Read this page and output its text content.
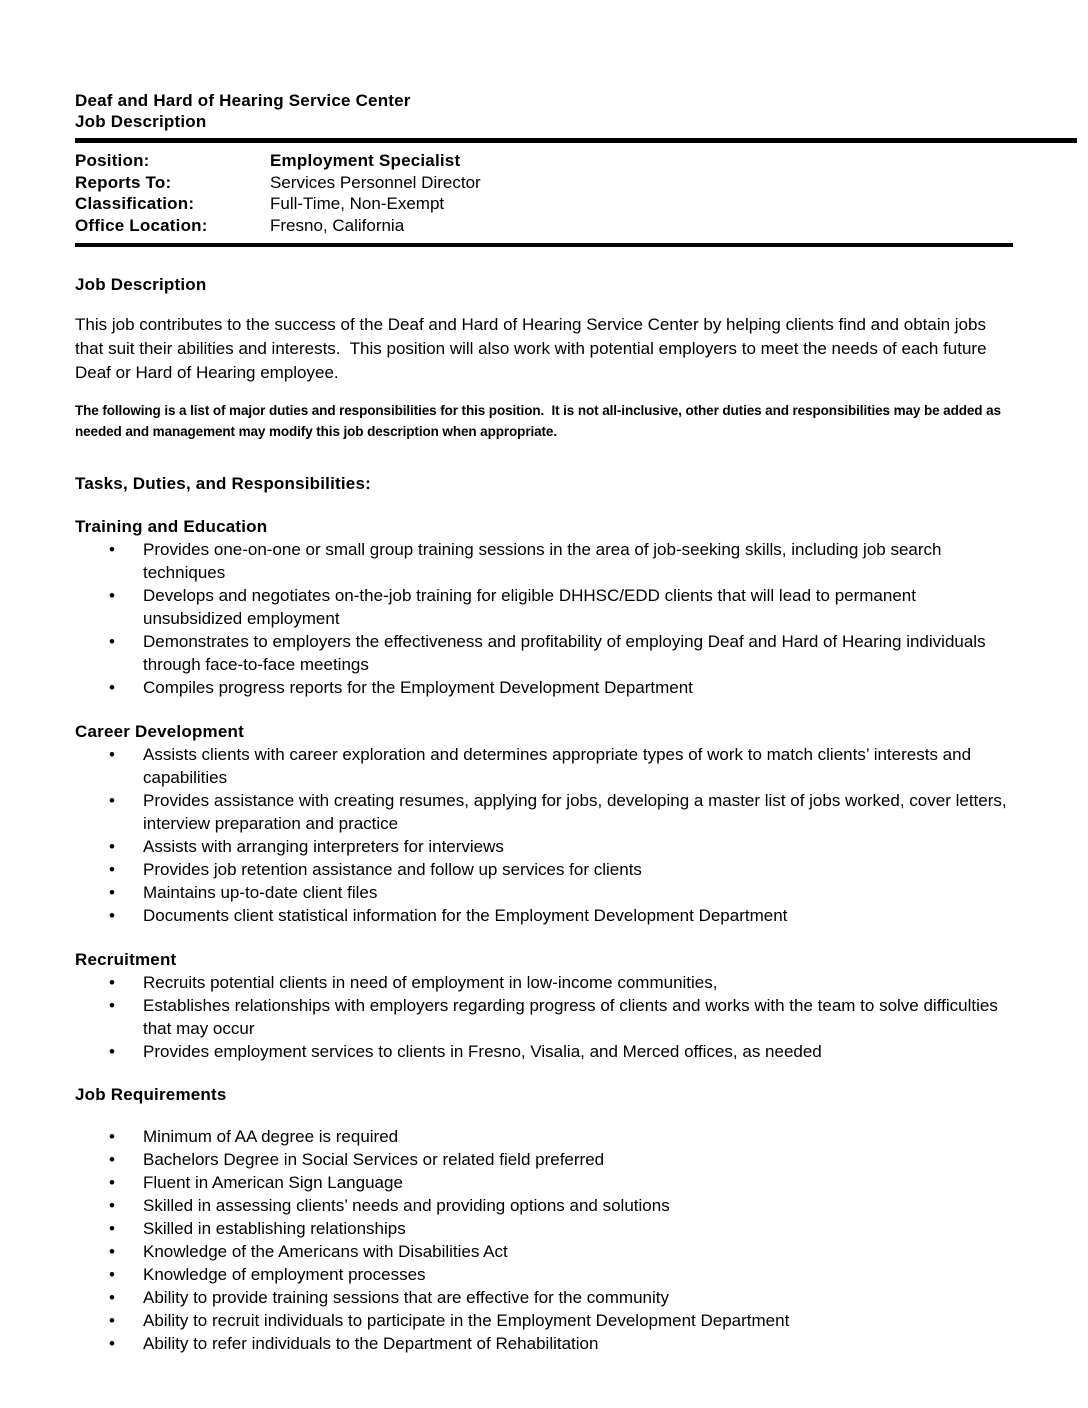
Deaf and Hard of Hearing Service Center
Job Description
Position:	Employment Specialist
Reports To:	Services Personnel Director
Classification:	Full-Time, Non-Exempt
Office Location:	Fresno, California
Job Description

This job contributes to the success of the Deaf and Hard of Hearing Service Center by helping clients find and obtain jobs that suit their abilities and interests.  This position will also work with potential employers to meet the needs of each future Deaf or Hard of Hearing employee.

The following is a list of major duties and responsibilities for this position.  It is not all-inclusive, other duties and responsibilities may be added as needed and management may modify this job description when appropriate.

Tasks, Duties, and Responsibilities:
Training and Education
• Provides one-on-one or small group training sessions in the area of job-seeking skills, including job search techniques
• Develops and negotiates on-the-job training for eligible DHHSC/EDD clients that will lead to permanent unsubsidized employment
• Demonstrates to employers the effectiveness and profitability of employing Deaf and Hard of Hearing individuals through face-to-face meetings
• Compiles progress reports for the Employment Development Department
Career Development
• Assists clients with career exploration and determines appropriate types of work to match clients’ interests and capabilities
• Provides assistance with creating resumes, applying for jobs, developing a master list of jobs worked, cover letters, interview preparation and practice
• Assists with arranging interpreters for interviews
• Provides job retention assistance and follow up services for clients
• Maintains up-to-date client files
• Documents client statistical information for the Employment Development Department
Recruitment
• Recruits potential clients in need of employment in low-income communities,
• Establishes relationships with employers regarding progress of clients and works with the team to solve difficulties that may occur
• Provides employment services to clients in Fresno, Visalia, and Merced offices, as needed
Job Requirements
• Minimum of AA degree is required
• Bachelors Degree in Social Services or related field preferred
• Fluent in American Sign Language
• Skilled in assessing clients’ needs and providing options and solutions
• Skilled in establishing relationships
• Knowledge of the Americans with Disabilities Act
• Knowledge of employment processes
• Ability to provide training sessions that are effective for the community
• Ability to recruit individuals to participate in the Employment Development Department
• Ability to refer individuals to the Department of Rehabilitation
